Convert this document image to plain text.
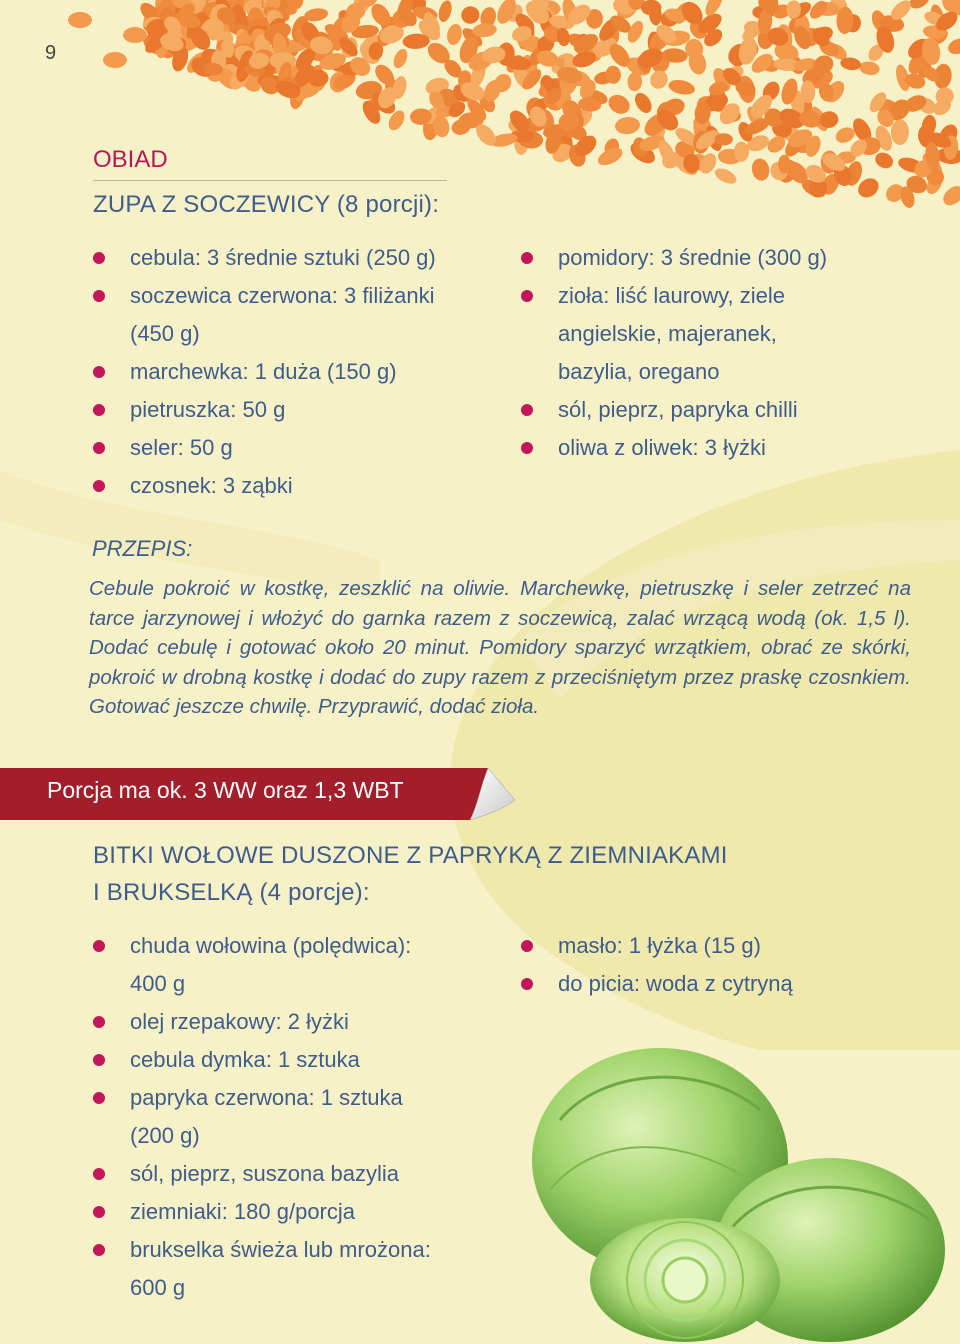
9
OBIAD
ZUPA Z SOCZEWICY (8 porcji):
cebula: 3 średnie sztuki (250 g)
soczewica czerwona: 3 filiżanki
(450 g)
marchewka: 1 duża (150 g)
pietruszka: 50 g
seler: 50 g
czosnek: 3 ząbki
pomidory: 3 średnie (300 g)
zioła: liść laurowy, ziele
angielskie, majeranek,
bazylia, oregano
sól, pieprz, papryka chilli
oliwa z oliwek: 3 łyżki
PRZEPIS:
Cebule pokroić w kostkę, zeszklić na oliwie. Marchewkę, pietruszkę i seler zetrzeć na tarce jarzynowej i włożyć do garnka razem z soczewicą, zalać wrzącą wodą (ok. 1,5 l). Dodać cebulę i gotować około 20 minut. Pomidory sparzyć wrzątkiem, obrać ze skórki, pokroić w drobną kostkę i dodać do zupy razem z przeciśniętym przez praskę czosnkiem. Gotować jeszcze chwilę. Przyprawić, dodać zioła.
Porcja ma ok. 3 WW oraz 1,3 WBT
BITKI WOŁOWE DUSZONE Z PAPRYKĄ Z ZIEMNIAKAMI
I BRUKSELKĄ (4 porcje):
chuda wołowina (polędwica):
400 g
olej rzepakowy: 2 łyżki
cebula dymka: 1 sztuka
papryka czerwona: 1 sztuka
(200 g)
sól, pieprz, suszona bazylia
ziemniaki: 180 g/porcja
brukselka świeża lub mrożona:
600 g
masło: 1 łyżka (15 g)
do picia: woda z cytryną
